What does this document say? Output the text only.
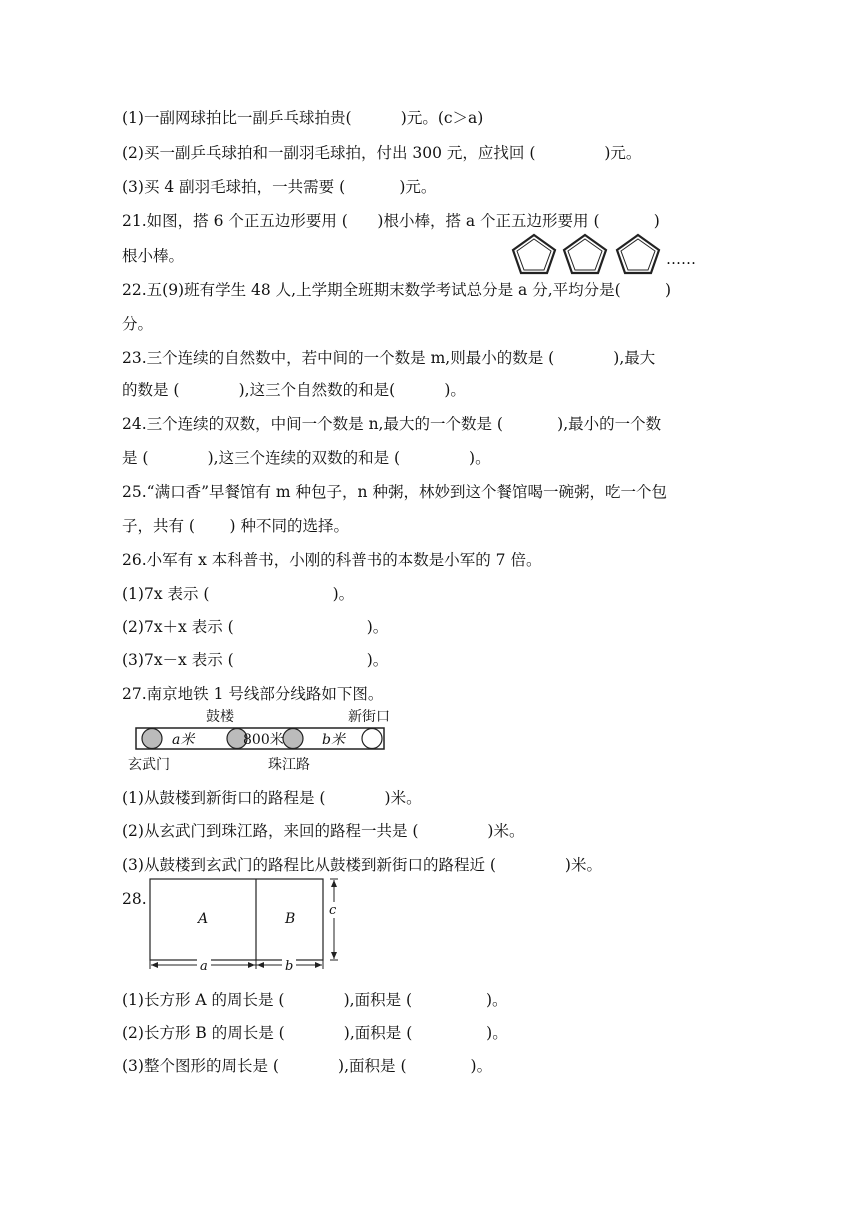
(1)一副网球拍比一副乒乓球拍贵(          )元。(c＞a)
(2)买一副乒乓球拍和一副羽毛球拍，付出 300 元，应找回 (              )元。
(3)买 4 副羽毛球拍，一共需要 (           )元。
21.如图，搭 6 个正五边形要用 (      )根小棒，搭 a 个正五边形要用 (           )
根小棒。
22.五(9)班有学生 48 人,上学期全班期末数学考试总分是 a 分,平均分是(         )
分。
23.三个连续的自然数中，若中间的一个数是 m,则最小的数是 (            ),最大
的数是 (            ),这三个自然数的和是(          )。
24.三个连续的双数，中间一个数是 n,最大的一个数是 (           ),最小的一个数
是 (            ),这三个连续的双数的和是 (              )。
25.“满口香”早餐馆有 m 种包子，n 种粥，林妙到这个餐馆喝一碗粥，吃一个包
子，共有 (       ) 种不同的选择。
26.小军有 x 本科普书，小刚的科普书的本数是小军的 7 倍。
(1)7x 表示 (                         )。
(2)7x＋x 表示 (                           )。
(3)7x－x 表示 (                           )。
27.南京地铁 1 号线部分线路如下图。
(1)从鼓楼到新街口的路程是 (            )米。
(2)从玄武门到珠江路，来回的路程一共是 (              )米。
(3)从鼓楼到玄武门的路程比从鼓楼到新街口的路程近 (              )米。
28.
(1)长方形 A 的周长是 (            ),面积是 (               )。
(2)长方形 B 的周长是 (            ),面积是 (               )。
(3)整个图形的周长是 (            ),面积是 (             )。
……
鼓楼	新街口
a米	800米	b米
玄武门	珠江路
A	B
c
a	b
